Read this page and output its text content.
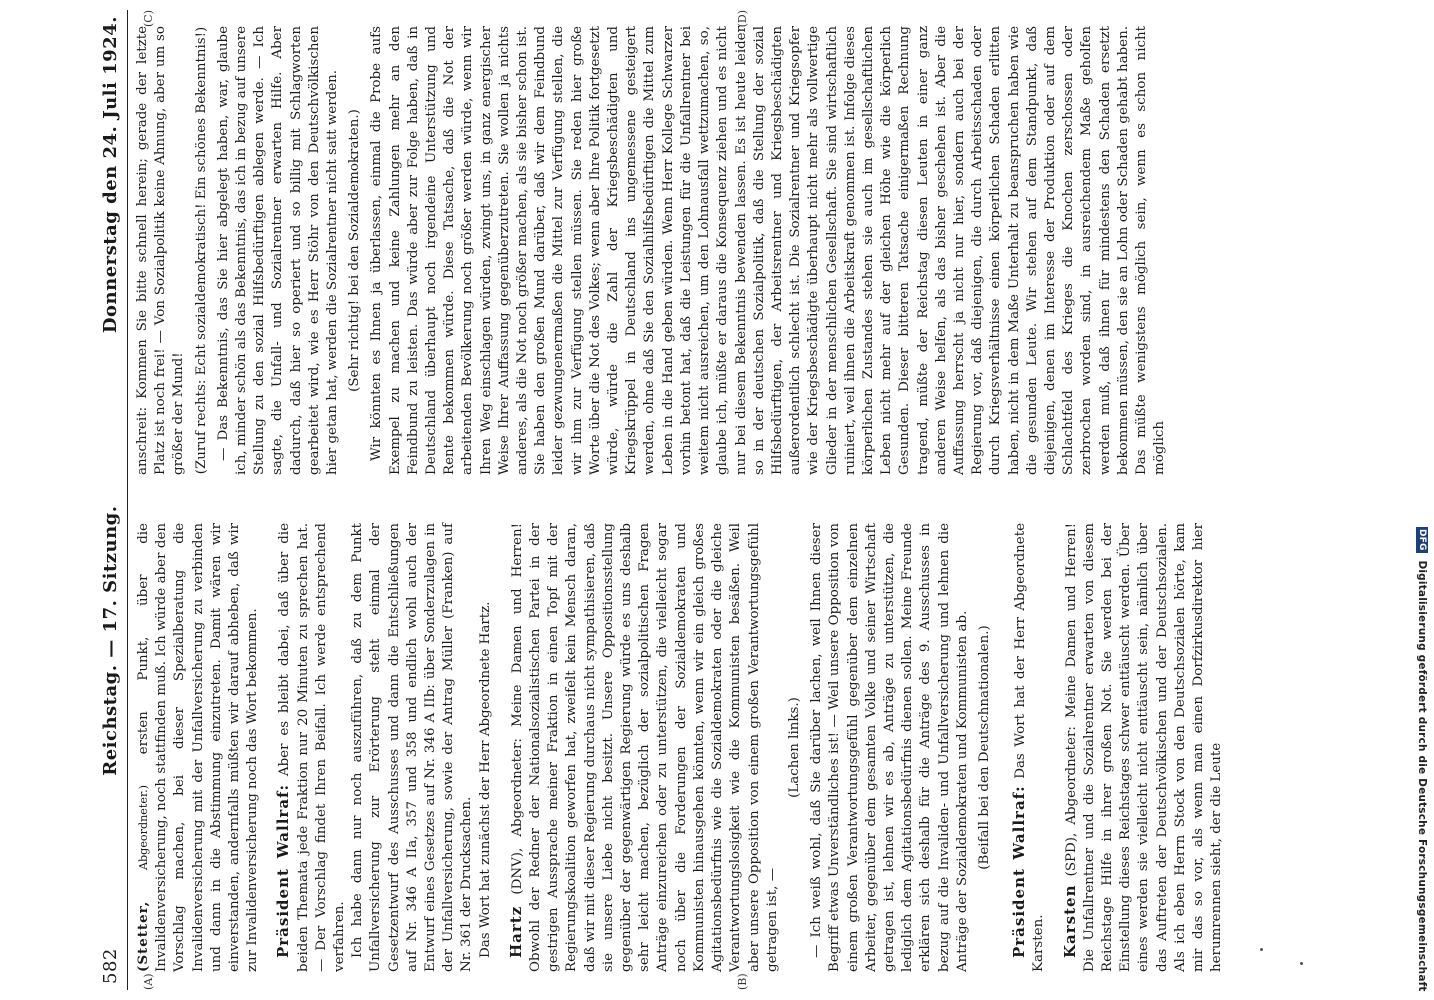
582
Reichstag. — 17. Sitzung.
Donnerstag den 24. Juli 1924.
(A)	(B)

(Stetter, Abgeordneter.) ersten Punkt, über die Invalidenversicherung, noch stattfinden muß. Ich würde aber den Vorschlag machen, bei dieser Spezialberatung die Invalidenversicherung mit der Unfallversicherung zu verbinden und dann in die Abstimmung einzutreten. Damit wären wir einverstanden, andernfalls müßten wir darauf abheben, daß wir zur Invalidenversicherung noch das Wort bekommen. Präsident Wallraf: Aber es bleibt dabei, daß über die beiden Themata jede Fraktion nur 20 Minuten zu sprechen hat. — Der Vorschlag findet Ihren Beifall. Ich werde entsprechend verfahren. Ich habe dann nur noch auszuführen, daß zu dem Punkt Unfallversicherung zur Erörterung steht einmal der Gesetzentwurf des Ausschusses und dann die Entschließungen auf Nr. 346 A IIa, 357 und 358 und endlich wohl auch der Entwurf eines Gesetzes auf Nr. 346 A IIb: über Sonderzulagen in der Unfallversicherung, sowie der Antrag Müller (Franken) auf Nr. 361 der Drucksachen. Das Wort hat zunächst der Herr Abgeordnete Hartz. Hartz (DNV), Abgeordneter: Meine Damen und Herren! Obwohl der Redner der Nationalsozialistischen Partei in der gestrigen Aussprache meiner Fraktion in einen Topf mit der Regierungskoalition geworfen hat, zweifelt kein Mensch daran, daß wir mit dieser Regierung durchaus nicht sympathisieren, daß sie unsere Liebe nicht besitzt. Unsere Oppositionsstellung gegenüber der gegenwärtigen Regierung würde es uns deshalb sehr leicht machen, bezüglich der sozialpolitischen Fragen Anträge einzureichen oder zu unterstützen, die vielleicht sogar noch über die Forderungen der Sozialdemokraten und Kommunisten hinausgehen könnten, wenn wir ein gleich großes Agitationsbedürfnis wie die Sozialdemokraten oder die gleiche Verantwortungslosigkeit wie die Kommunisten besäßen. Weil aber unsere Opposition von einem großen Verantwortungsgefühl getragen ist, —

(Lachen links.) — Ich weiß wohl, daß Sie darüber lachen, weil Ihnen dieser Begriff etwas Unverständliches ist! — Weil unsere Opposition von einem großen Verantwortungsgefühl gegenüber dem einzelnen Arbeiter, gegenüber dem gesamten Volke und seiner Wirtschaft getragen ist, lehnen wir es ab, Anträge zu unterstützen, die lediglich dem Agitationsbedürfnis dienen sollen. Meine Freunde erklären sich deshalb für die Anträge des 9. Ausschusses in bezug auf die Invaliden- und Unfallversicherung und lehnen die Anträge der Sozialdemokraten und Kommunisten ab. (Beifall bei den Deutschnationalen.)

Präsident Wallraf: Das Wort hat der Herr Abgeordnete Karsten. Karsten (SPD), Abgeordneter: Meine Damen und Herren! Die Unfallrentner und die Sozialrentner erwarten von diesem Reichstage Hilfe in ihrer großen Not. Sie werden bei der Einstellung dieses Reichstages schwer enttäuscht werden. Über eines werden sie vielleicht nicht enttäuscht sein, nämlich über das Auftreten der Deutschvölkischen und der Deutschsozialen. Als ich eben Herrn Stock von den Deutschsozialen hörte, kam mir das so vor, als wenn man einen Dorfzirkusdirektor hier herumrennen sieht, der die Leute

(C)	(D)

anschreit: Kommen Sie bitte schnell herein; gerade der letzte Platz ist noch frei! — Von Sozialpolitik keine Ahnung, aber um so größer der Mund! (Zuruf rechts: Echt sozialdemokratisch! Ein schönes Bekenntnis!) — Das Bekenntnis, das Sie hier abgelegt haben, war, glaube ich, minder schön als das Bekenntnis, das ich in bezug auf unsere Stellung zu den sozial Hilfsbedürftigen ablegen werde. — Ich sagte, die Unfall- und Sozialrentner erwarten Hilfe. Aber dadurch, daß hier so operiert und so billig mit Schlagworten gearbeitet wird, wie es Herr Stöhr von den Deutschvölkischen hier getan hat, werden die Sozialrentner nicht satt werden. (Sehr richtig! bei den Sozialdemokraten.) Wir könnten es Ihnen ja überlassen, einmal die Probe aufs Exempel zu machen und keine Zahlungen mehr an den Feindbund zu leisten. Das würde aber zur Folge haben, daß in Deutschland überhaupt noch irgendeine Unterstützung und Rente bekommen würde. Diese Tatsache, daß die Not der arbeitenden Bevölkerung noch größer werden würde, wenn wir Ihren Weg einschlagen würden, zwingt uns, in ganz energischer Weise Ihrer Auffassung gegenüberzutreten. Sie wollen ja nichts anderes, als die Not noch größer machen, als sie bisher schon ist. Sie haben den großen Mund darüber, daß wir dem Feindbund leider gezwungenermaßen die Mittel zur Verfügung stellen, die wir ihm zur Verfügung stellen müssen. Sie reden hier große Worte über die Not des Volkes; wenn aber Ihre Politik fortgesetzt würde, würde die Zahl der Kriegsbeschädigten und Kriegskrüppel in Deutschland ins ungemessene gesteigert werden, ohne daß Sie den Sozialhilfsbedürftigen die Mittel zum Leben in die Hand geben würden. Wenn Herr Kollege Schwarzer vorhin betont hat, daß die Leistungen für die Unfallrentner bei weitem nicht ausreichen, um den Lohnausfall wettzumachen, so, glaube ich, müßte er daraus die Konsequenz ziehen und es nicht nur bei diesem Bekenntnis bewenden lassen. Es ist heute leider so in der deutschen Sozialpolitik, daß die Stellung der sozial Hilfsbedürftigen, der Arbeitsrentner und Kriegsbeschädigten außerordentlich schlecht ist. Die Sozialrentner und Kriegsopfer wie der Kriegsbeschädigte überhaupt nicht mehr als vollwertige Glieder in der menschlichen Gesellschaft. Sie sind wirtschaftlich ruiniert, weil ihnen die Arbeitskraft genommen ist. Infolge dieses körperlichen Zustandes stehen sie auch im gesellschaftlichen Leben nicht mehr auf der gleichen Höhe wie die körperlich Gesunden. Dieser bitteren Tatsache einigermaßen Rechnung tragend, müßte der Reichstag diesen Leuten in einer ganz anderen Weise helfen, als das bisher geschehen ist. Aber die Auffassung herrscht ja nicht nur hier, sondern auch bei der Regierung vor, daß diejenigen, die durch Arbeitsschaden oder durch Kriegsverhältnisse einen körperlichen Schaden erlitten haben, nicht in dem Maße Unterhalt zu beanspruchen haben wie die gesunden Leute. Wir stehen auf dem Standpunkt, daß diejenigen, denen im Interesse der Produktion oder auf dem Schlachtfeld des Krieges die Knochen zerschossen oder zerbrochen worden sind, in ausreichendem Maße geholfen werden muß, daß ihnen für mindestens den Schaden ersetzt bekommen müssen, den sie an Lohn oder Schaden gehabt haben. Das müßte wenigstens möglich sein, wenn es schon nicht möglich

DFG Digitalisierung gefördert durch die Deutsche Forschungsgemeinschaft
